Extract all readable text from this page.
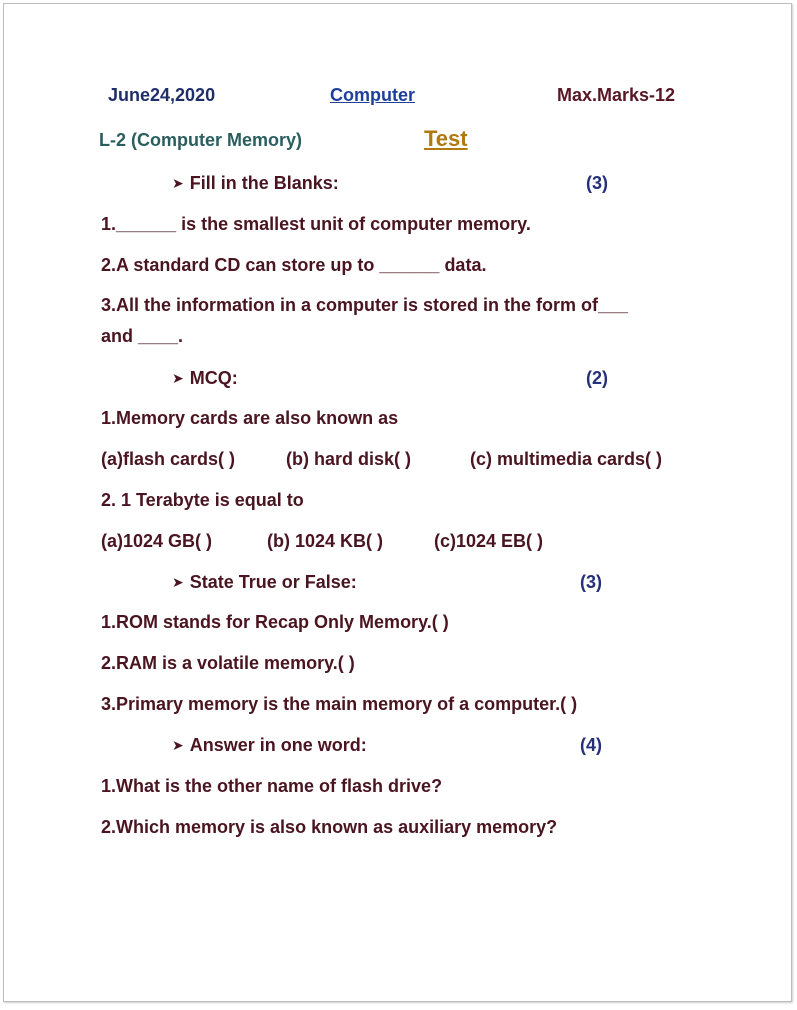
June24,2020	Computer	Max.Marks-12
L-2 (Computer Memory)	Test
➤ Fill in the Blanks:	(3)
1.______ is the smallest unit of computer memory.
2.A standard CD can store up to ______ data.
3.All the information in a computer is stored in the form of___
and ____.
➤ MCQ:	(2)
1.Memory cards are also known as
(a)flash cards( )	(b) hard disk( )	(c) multimedia cards( )
2. 1 Terabyte is equal to
(a)1024 GB( )	(b) 1024 KB( )	(c)1024 EB( )
➤ State True or False:	(3)
1.ROM stands for Recap Only Memory.( )
2.RAM is a volatile memory.( )
3.Primary memory is the main memory of a computer.( )
➤ Answer in one word:	(4)
1.What is the other name of flash drive?
2.Which memory is also known as auxiliary memory?
